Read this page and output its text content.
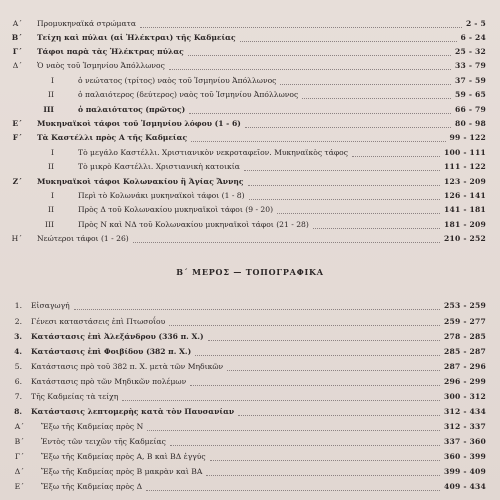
Α΄ Προμυκηναϊκά στρώματα	2 - 5
Β΄ Τείχη καὶ πύλαι (αἱ Ἠλέκτραι) τῆς Καδμείας	6 - 24
Γ΄ Τάφοι παρὰ τὰς Ἠλέκτρας πύλας	25 - 32
Δ΄ Ὁ ναὸς τοῦ Ἰσμηνίου Ἀπόλλωνος	33 - 79
Ι	ὁ νεώτατος (τρίτος) ναὸς τοῦ Ἰσμηνίου Ἀπόλλωνος	37 - 59
ΙΙ	ὁ παλαιότερος (δεύτερος) ναὸς τοῦ Ἰσμηνίου Ἀπόλλωνος	59 - 65
ΙΙΙ	ὁ παλαιότατος (πρῶτος)	66 - 79
Ε΄ Μυκηναϊκοὶ τάφοι τοῦ Ἰσμηνίου λόφου (1 - 6)	80 - 98
F΄ Τὰ Καστέλλι πρὸς Α τῆς Καδμείας	99 - 122
Ι	Τὸ μεγάλο Καστέλλι. Χριστιανικὸν νεκροταφεῖον. Μυκηναϊκὸς τάφος	100 - 111
ΙΙ	Τὸ μικρὸ Καστέλλι. Χριστιανικὴ κατοικία	111 - 122
Ζ΄ Μυκηναϊκοὶ τάφοι Κολωνακίου ἢ Ἁγίας Ἄννης	123 - 209
Ι	Περὶ τὸ Κολωνάκι μυκηναϊκοὶ τάφοι (1 - 8)	126 - 141
ΙΙ	Πρὸς Δ τοῦ Κολωνακίου μυκηναϊκοὶ τάφοι (9 - 20)	141 - 181
ΙΙΙ	Πρὸς Ν καὶ ΝΔ τοῦ Κολωνακίου μυκηναϊκοὶ τάφοι (21 - 28)	181 - 209
Η΄ Νεώτεροι τάφοι (1 - 26)	210 - 252
Β΄ ΜΕΡΟΣ — ΤΟΠΟΓΡΑΦΙΚΑ
1. Εἰσαγωγή	253 - 259
2. Γένεσι καταστάσεις ἐπὶ Πτωσοΐου	259 - 277
3. Κατάστασις ἐπὶ Ἀλεξάνδρου (336 π. Χ.)	278 - 285
4. Κατάστασις ἐπὶ Φοιβίδου (382 π. Χ.)	285 - 287
5. Κατάστασις πρὸ τοῦ 382 π. Χ. μετὰ τῶν Μηδικῶν	287 - 296
6. Κατάστασις πρὸ τῶν Μηδικῶν πολέμων	296 - 299
7. Τῆς Καδμείας τὰ τείχη	300 - 312
8. Κατάστασις λεπτομερὴς κατὰ τὸν Παυσανίαν	312 - 434
Α΄ Ἔξω τῆς Καδμείας πρὸς Ν	312 - 337
Β΄ Ἐντὸς τῶν τειχῶν τῆς Καδμείας	337 - 360
Γ΄ Ἔξω τῆς Καδμείας πρὸς Α, Β καὶ ΒΔ ἐγγύς	360 - 399
Δ΄ Ἔξω τῆς Καδμείας πρὸς Β μακρὰν καὶ ΒΑ	399 - 409
Ε΄ Ἔξω τῆς Καδμείας πρὸς Δ	409 - 434
